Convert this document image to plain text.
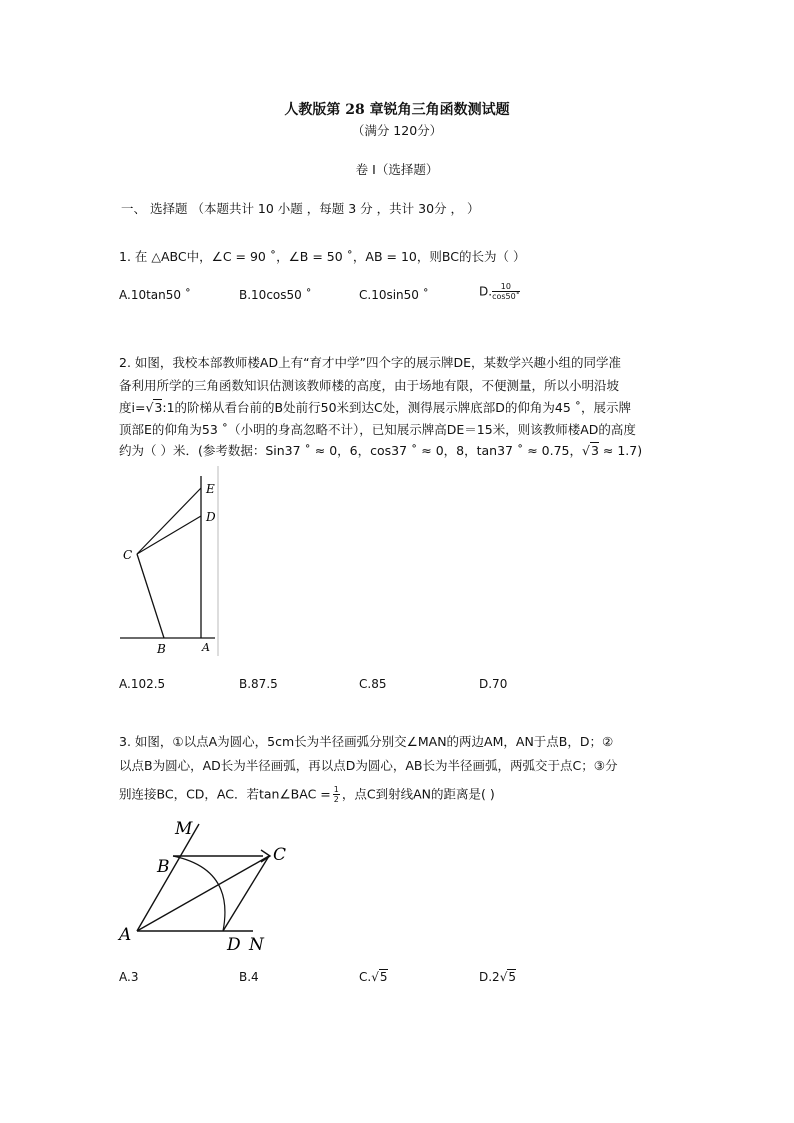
人教版第 28 章锐角三角函数测试题
（满分 120分）
卷 I（选择题）
一、 选择题 （本题共计 10 小题 ，每题 3 分 ，共计 30分 ， ）
1. 在 △ABC中，∠C = 90 ˚，∠B = 50 ˚，AB = 10，则BC的长为（ ）
A.10tan50 ˚	B.10cos50 ˚	C.10sin50 ˚	D. $\frac{10}{\cos 50˚}$
2. 如图，我校本部教师楼AD上有“育才中学”四个字的展示牌DE，某数学兴趣小组的同学准
备利用所学的三角函数知识估测该教师楼的高度，由于场地有限，不便测量，所以小明沿坡
度i=√3:1的阶梯从看台前的B处前行50米到达C处，测得展示牌底部D的仰角为45 ˚，展示牌
顶部E的仰角为53 ˚（小明的身高忽略不计），已知展示牌高DE＝15米，则该教师楼AD的高度
约为（ ）米．(参考数据：Sin37 ˚ ≈ 0，6，cos37 ˚ ≈ 0，8，tan37 ˚ ≈ 0.75，√3 ≈ 1.7)
E
D
C
B	A
A.102.5	B.87.5	C.85	D.70
3. 如图，①以点A为圆心，5cm长为半径画弧分别交∠MAN的两边AM，AN于点B，D；②
以点B为圆心，AD长为半径画弧，再以点D为圆心，AB长为半径画弧，两弧交于点C；③分
别连接BC，CD，AC．若tan∠BAC = $\frac{1}{2}$ ，点C到射线AN的距离是( )
M
B
C
A	D N
A.3	B.4	C.√5	D.2√5
